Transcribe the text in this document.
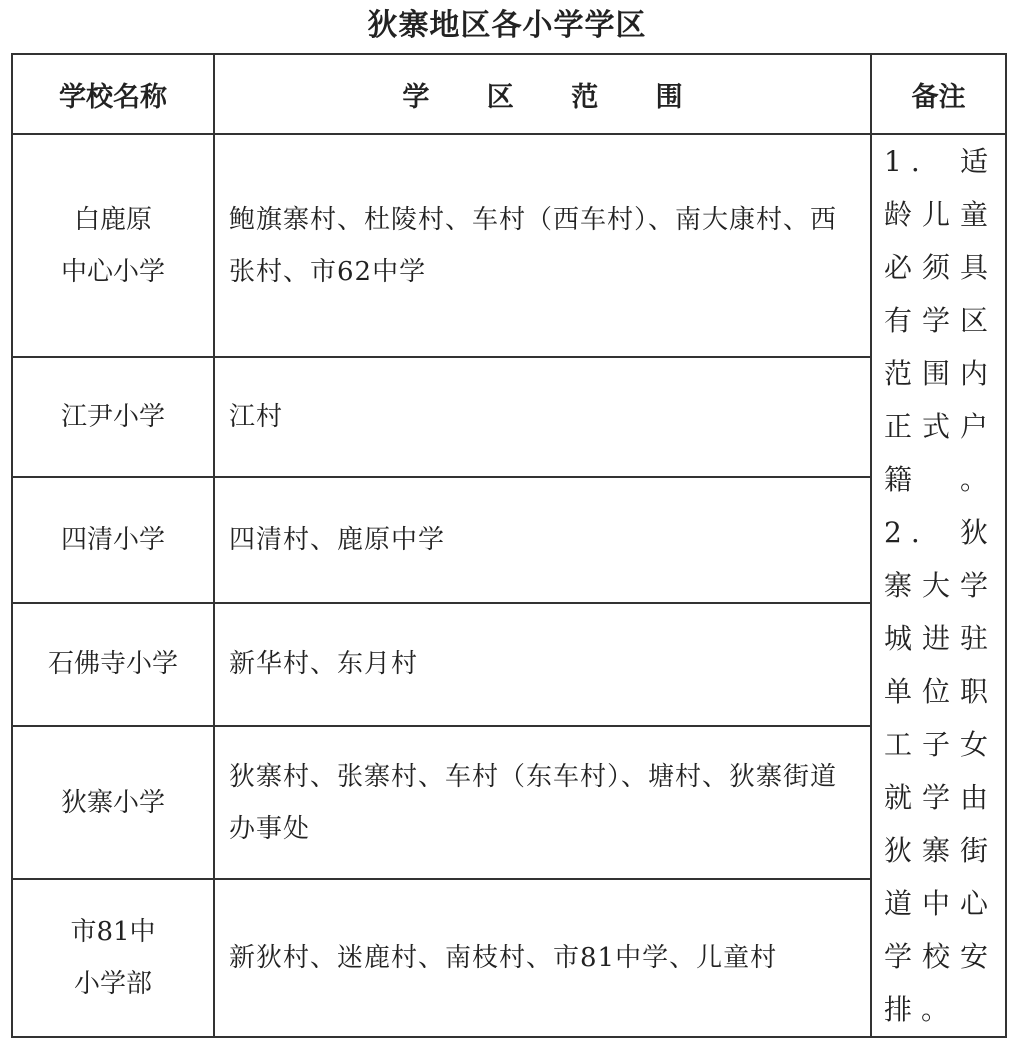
狄寨地区各小学学区
学校名称	学 区 范 围	备注

白鹿原
中心小学	鲍旗寨村、杜陵村、车村（西车村）、南大康村、西张村、市62中学	1.适龄儿童必须具有学区范围内正式户籍。2.狄寨大学城进驻单位职工子女就学由狄寨街道中心学校安排。

江尹小学	江村	

四清小学	四清村、鹿原中学	

石佛寺小学	新华村、东月村	

狄寨小学	狄寨村、张寨村、车村（东车村）、塘村、狄寨街道办事处	

市81中
小学部	新狄村、迷鹿村、南枝村、市81中学、儿童村	
